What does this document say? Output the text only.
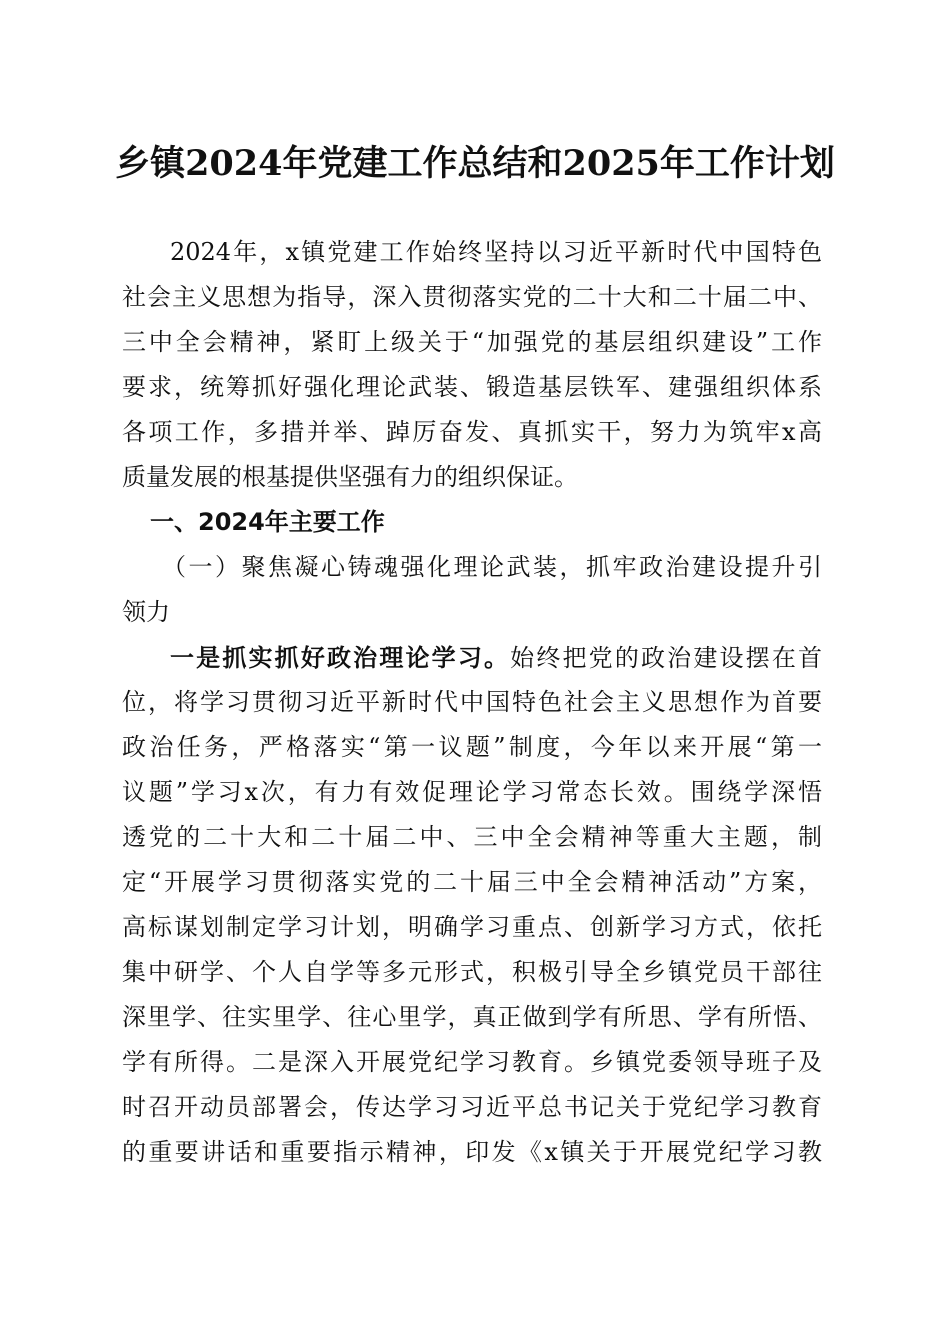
乡镇2024年党建工作总结和2025年工作计划
2024年，x镇党建工作始终坚持以习近平新时代中国特色
社会主义思想为指导，深入贯彻落实党的二十大和二十届二中、
三中全会精神，紧盯上级关于“加强党的基层组织建设”工作
要求，统筹抓好强化理论武装、锻造基层铁军、建强组织体系
各项工作，多措并举、踔厉奋发、真抓实干，努力为筑牢x高
质量发展的根基提供坚强有力的组织保证。
一、2024年主要工作
（一）聚焦凝心铸魂强化理论武装，抓牢政治建设提升引
领力
一是抓实抓好政治理论学习。始终把党的政治建设摆在首
位，将学习贯彻习近平新时代中国特色社会主义思想作为首要
政治任务，严格落实“第一议题”制度，今年以来开展“第一
议题”学习x次，有力有效促理论学习常态长效。围绕学深悟
透党的二十大和二十届二中、三中全会精神等重大主题，制
定“开展学习贯彻落实党的二十届三中全会精神活动”方案，
高标谋划制定学习计划，明确学习重点、创新学习方式，依托
集中研学、个人自学等多元形式，积极引导全乡镇党员干部往
深里学、往实里学、往心里学，真正做到学有所思、学有所悟、
学有所得。二是深入开展党纪学习教育。乡镇党委领导班子及
时召开动员部署会，传达学习习近平总书记关于党纪学习教育
的重要讲话和重要指示精神，印发《x镇关于开展党纪学习教
